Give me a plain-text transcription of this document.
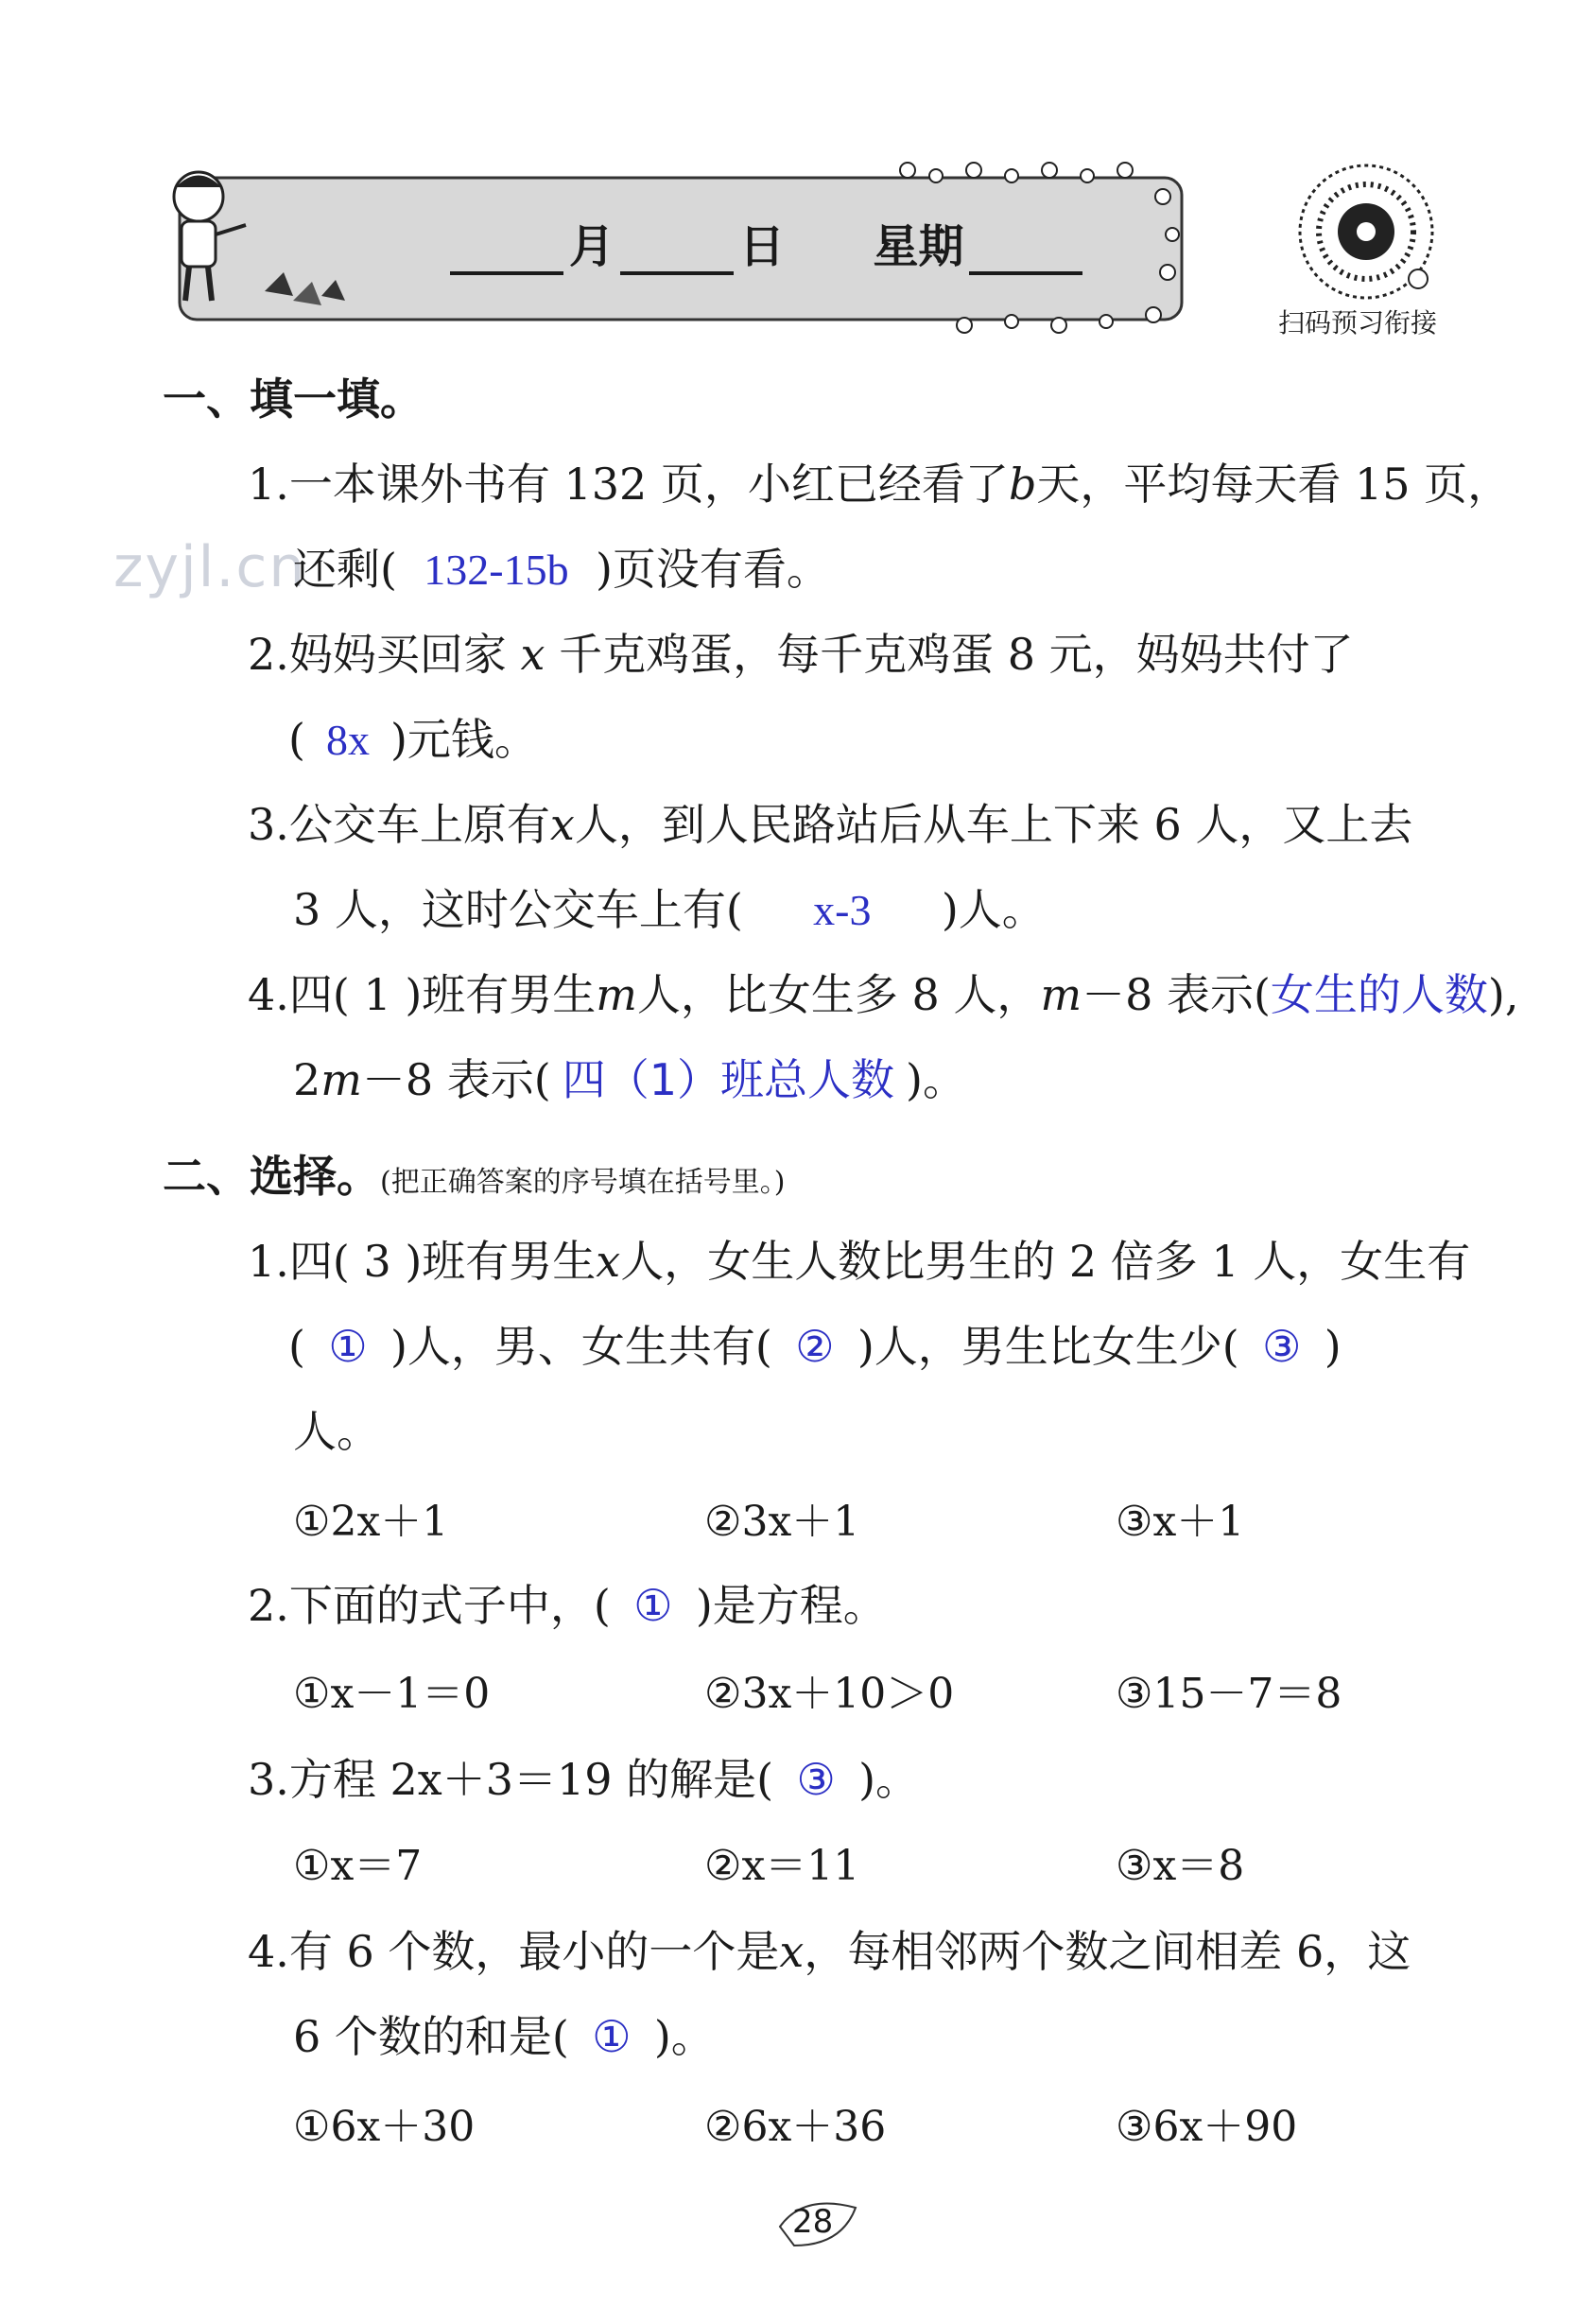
月	日 星期
扫码预习衔接
zyjl.cn
一、填一填。
1.一本课外书有 132 页，小红已经看了b天，平均每天看 15 页，
还剩( 132-15b )页没有看。
2.妈妈买回家 x 千克鸡蛋，每千克鸡蛋 8 元，妈妈共付了
( 8x )元钱。
3.公交车上原有x人，到人民路站后从车上下来 6 人，又上去
3 人，这时公交车上有( x-3 )人。
4.四( 1 )班有男生m人，比女生多 8 人，m－8 表示(女生的人数),
2m－8 表示( 四（1）班总人数 )。
二、选择。(把正确答案的序号填在括号里。)
1.四( 3 )班有男生x人，女生人数比男生的 2 倍多 1 人，女生有
( ① )人，男、女生共有( ② )人，男生比女生少( ③ )
人。
①2x＋1	②3x＋1	③x＋1
2.下面的式子中，( ① )是方程。
①x－1＝0	②3x＋10＞0	③15－7＝8
3.方程 2x＋3＝19 的解是( ③ )。
①x＝7	②x＝11	③x＝8
4.有 6 个数，最小的一个是x，每相邻两个数之间相差 6，这
6 个数的和是( ① )。
①6x＋30	②6x＋36	③6x＋90
28
